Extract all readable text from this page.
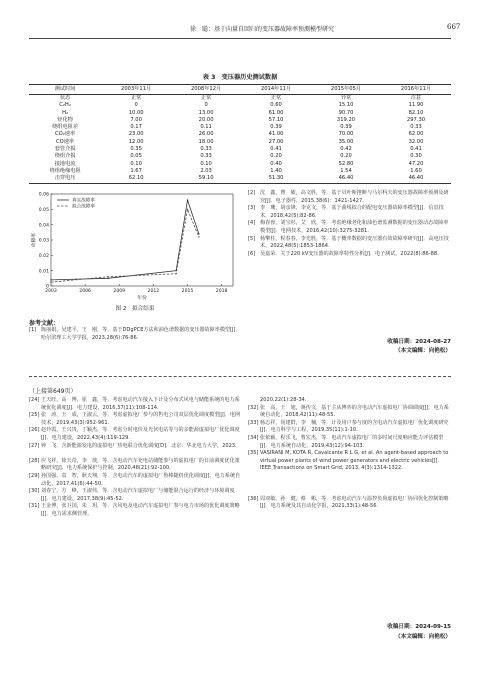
徐　聪：基于向量自回归的变压器故障率预测模型研究	667
表 3　变压器历史测试数据
测试时间	2003年11月	2008年12月	2014年11月	2015年05月	2016年11月
状态	正常	正常	正常	异常	注意
C₂H₂	0	0	0.60	15.10	11.90
H₂	10.00	13.00	61.00	90.70	82.10
烃化物	7.00	20.00	57.10	319.20	297.30
绕组电阻差	0.17	0.11	0.39	0.39	0.33
CO₂速率	23.00	26.00	41.00	70.00	62.00
CO速率	12.00	18.00	27.00	35.00	32.00
套管介损	0.35	0.33	0.41	0.42	0.41
绕组介损	0.05	0.33	0.20	0.20	0.30
接地电流	0.10	0.10	0.40	52.80	47.20
绕组绝缘电阻	1.67	2.03	1.40	1.54	1.60
击穿电压	62.10	59.10	51.30	46.40	46.40
0
0.01
0.02
0.03
0.04
0.05
0.06
2003	2006	2009	2012	2015	2018
年份
故障率
真实故障率
拟合故障率
图 2　拟合结果
参考文献：
[1] 陈丽娟，吴建平，王　刚，等．基于DDgPCE方法和油色谱数据的变压器故障率模型[J]．哈尔滨理工大学学报，2023,28(6):76-86.
[2] 沈　鑫，曹　敏，高文胜，等．基于贝叶斯推断与马尔科夫的变压器故障率预测及研究[J]．电子器件，2015,38(6)：1421-1427.
[3] 李　珊，胡彦锋，李克文，等．基于曲线拟合的配电变压器故障率模型[J]．信息技术，2018,42(5):82-86.
[4] 梅春蓉，刘宝杉，艾　欣，等．考虑绝缘老化和油色谱监测数据的变压器动态故障率模型[J]．电网技术，2016,42(10):3275-3281.
[5] 杨擎柱，程春春，李光胜，等．基于概率数据的变压器有效故障率研究[J]．高电压技术，2022,48(5):1853-1864.
[6] 吴嘉荣．关于220 kV变压器的故障率特性分析[J]．电子测试，2022(8):86-88.
收稿日期：2024-08-27
（本文编辑：向艳松）
（上接第649页）
[24] 王天旺，高　博，崔　鑫，等．考虑电动汽车接入下计及分布式风电与储能系统的电力系统优化调度[J]．电力建设，2016,37(11):108-114.
[25] 张　涛，王　成，王淑云，等．考虑虚拟电厂参与的售电公司双层优化调度模型[J]．电网技术，2019,43(3):952-961.
[26] 赵玲霞，王兴贵，丁颖杰，等．考虑分时电价及光伏电站等与的多能源虚拟电厂优化调度[J]．电力建设，2022,43(4):119-129.
[27] 钟　飞．含新能源发电的虚拟电厂热电联合优化调度[D]．北京：华北电力大学，2023.
[28] 应飞祥，徐天奇，李　琰，等．含电动汽车充电站储能参与的虚拟电厂的日前调度优化策略研究[J]．电力系统保护与控制，2020,48(21):92-100.
[29] 孙国强，袁　智，耿天翔，等．含电动汽车的虚拟电厂鲁棒随机优化调度[J]．电力系统自动化，2017,41(6):44-50.
[30] 刘春宁，方　峰，王淑伟，等．含电动汽车虚拟电厂与储能混合运行的经济与环境调度[J]．电力建设，2017,38(9):45-52.
[31] 王金博，张卫国，朱　玥，等．含风电及电动汽车虚拟电厂参与电力市场的优化调度策略[J]．电力需求侧管理，
2020,22(1):28-34.
[32] 张　高，王　旭，蒋传文．基于主从博弈的含电动汽车虚拟电厂协调调度[J]．电力系统自动化，2018,42(11):48-55.
[33] 杨志祥，尚建群，李　楠，等．计及用户参与度的含电动汽车虚拟电厂优化调度研究[J]．电力科学与工程，2019,35(11):1-10.
[34] 张依颖，程乐飞，曹宏杰，等．电动汽车虚拟电厂的多时间尺度响应能力评估模型[J]．电力系统自动化，2019,43(12):94-103.
[35] VASIRANI M, KOTA R, Cavalcante R L G, et al. An agent-based approach to virtual power plants of wind power generators and electric vehicles[J]. IEEE Transactions on Smart Grid, 2013, 4(3):1314-1322.
[36] 周双敏，孙　健，蔡　彬，等．考虑电动汽车与温控负荷虚拟电厂协同优化控制策略[J]．电力系统及其自动化学报，2021,33(1):48-56.
收稿日期：2024-09-15
（本文编辑：向艳松）
